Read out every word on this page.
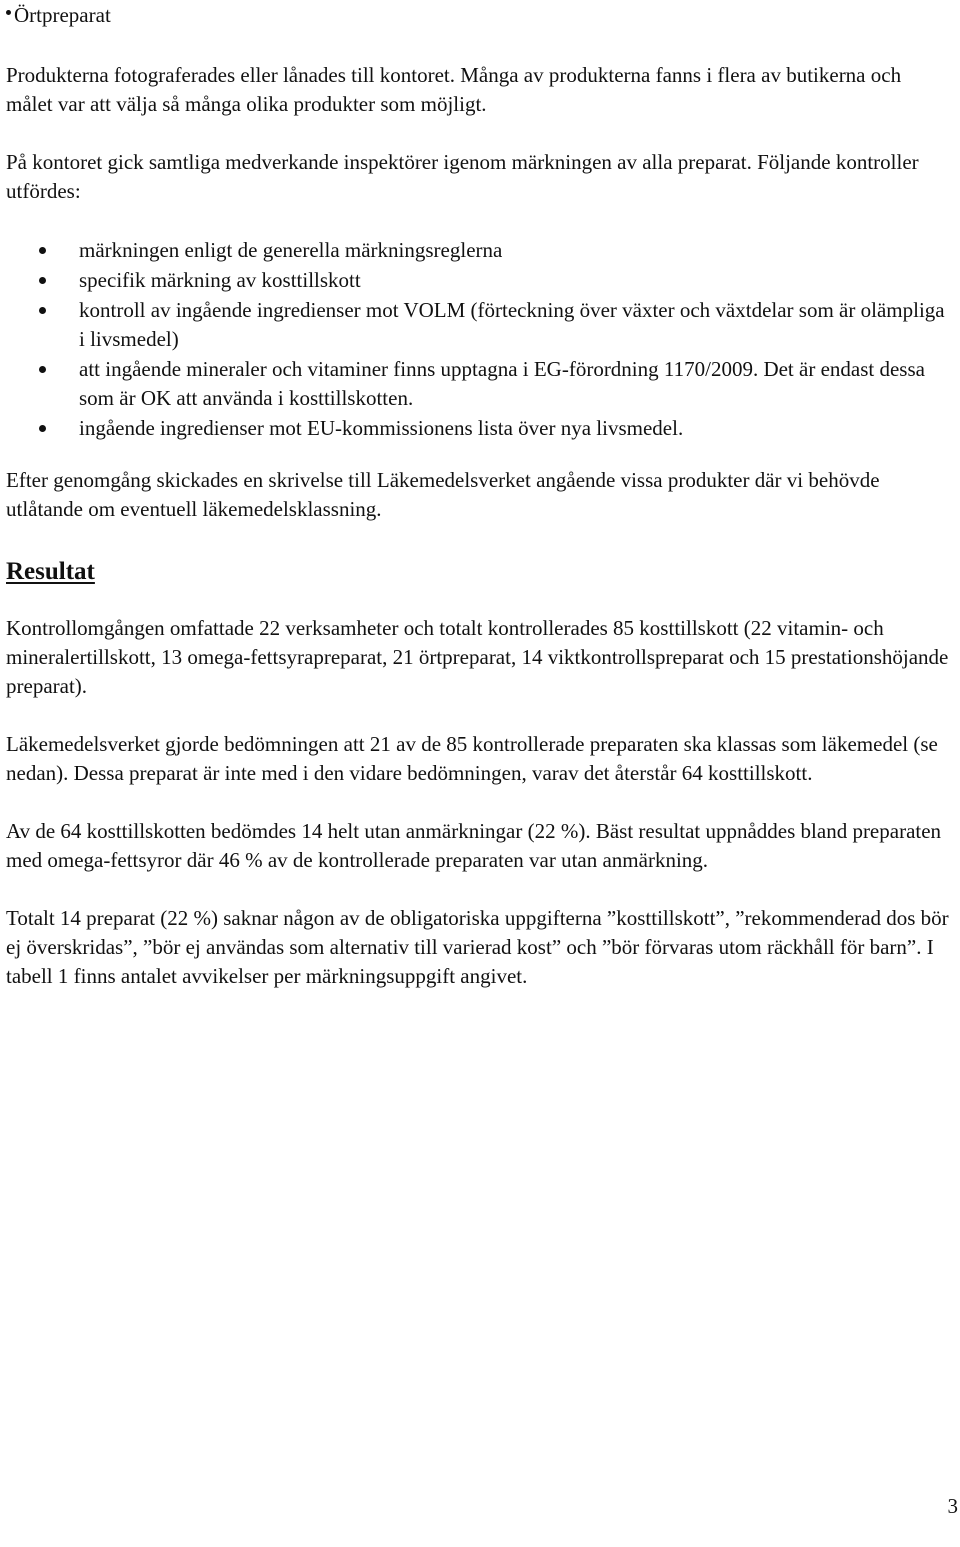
Örtpreparat

Produkterna fotograferades eller lånades till kontoret. Många av produkterna fanns i flera av butikerna och målet var att välja så många olika produkter som möjligt.

På kontoret gick samtliga medverkande inspektörer igenom märkningen av alla preparat. Följande kontroller utfördes:

märkningen enligt de generella märkningsreglerna
specifik märkning av kosttillskott
kontroll av ingående ingredienser mot VOLM (förteckning över växter och växtdelar som är olämpliga i livsmedel)
att ingående mineraler och vitaminer finns upptagna i EG-förordning 1170/2009. Det är endast dessa som är OK att använda i kosttillskotten.
ingående ingredienser mot EU-kommissionens lista över nya livsmedel.

Efter genomgång skickades en skrivelse till Läkemedelsverket angående vissa produkter där vi behövde utlåtande om eventuell läkemedelsklassning.

Resultat

Kontrollomgången omfattade 22 verksamheter och totalt kontrollerades 85 kosttillskott (22 vitamin- och mineralertillskott, 13 omega-fettsyrapreparat, 21 örtpreparat, 14 viktkontrollspreparat och 15 prestationshöjande preparat).

Läkemedelsverket gjorde bedömningen att 21 av de 85 kontrollerade preparaten ska klassas som läkemedel (se nedan). Dessa preparat är inte med i den vidare bedömningen, varav det återstår 64 kosttillskott.

Av de 64 kosttillskotten bedömdes 14 helt utan anmärkningar (22 %). Bäst resultat uppnåddes bland preparaten med omega-fettsyror där 46 % av de kontrollerade preparaten var utan anmärkning.

Totalt 14 preparat (22 %) saknar någon av de obligatoriska uppgifterna ”kosttillskott”, ”rekommenderad dos bör ej överskridas”, ”bör ej användas som alternativ till varierad kost” och ”bör förvaras utom räckhåll för barn”. I tabell 1 finns antalet avvikelser per märkningsuppgift angivet.

3
